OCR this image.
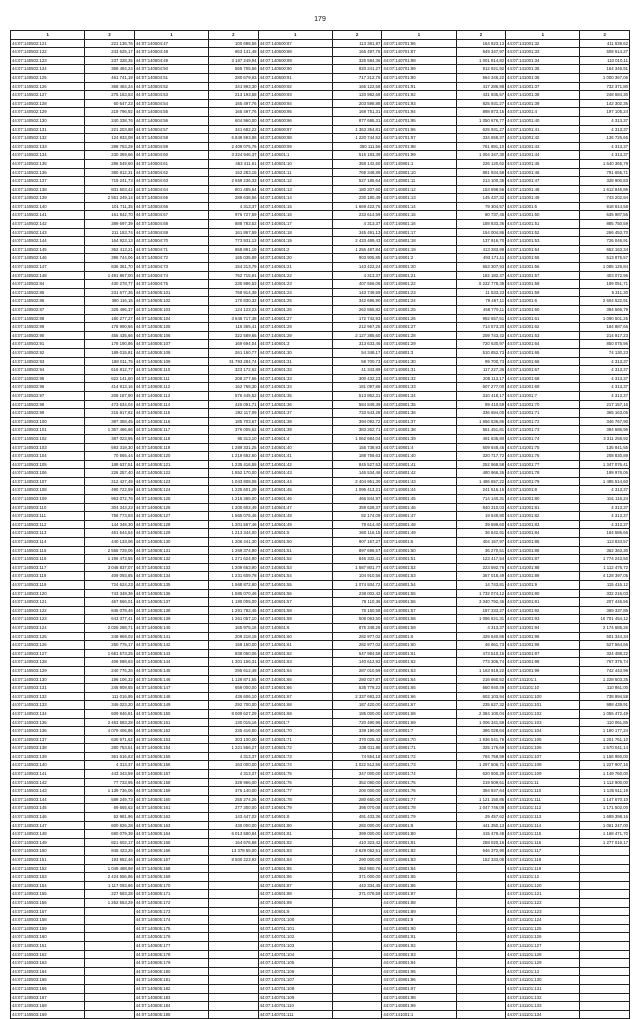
179
1	2	1	2	1	2	1	2	1	2
44:07:140502:121	221 136,76	44:07:140504:47	100 698,56	44:07:140600:87	113 381,87	44:07:140701:86	164 923,13	44:07:141001:32	411 639,62
44:07:140502:122	243 625,17	44:07:140504:48	863 141,48	44:07:140600:88	165 497,76	44:07:140701:87	849 347,97	44:07:141001:33	508 614,27
44:07:140502:123	237 328,35	44:07:140504:49	3 187 249,94	44:07:140600:89	325 584,36	44:07:140701:88	1 001 814,82	44:07:141001:34	110 010,11
44:07:140502:124	368 484,24	44:07:140504:50	565 705,66	44:07:140600:90	820 241,27	44:07:140701:89	912 921,92	44:07:141001:35	164 346,91
44:07:140502:125	461 741,19	44:07:140504:51	280 679,63	44:07:140600:91	717 212,76	44:07:140701:90	564 346,22	44:07:141001:36	1 000 367,06
44:07:140502:126	368 484,24	44:07:140504:52	341 993,30	44:07:140600:92	165 122,58	44:07:140701:91	417 286,98	44:07:141001:37	732 371,80
44:07:140502:127	275 163,53	44:07:140504:53	213 193,58	44:07:140600:93	120 982,68	44:07:140701:92	431 935,57	44:07:141001:38	248 684,30
44:07:140502:128	60 647,23	44:07:140504:54	165 497,76	44:07:140600:94	203 598,88	44:07:140701:93	825 931,27	44:07:141001:39	142 302,36
44:07:140502:129	219 796,92	44:07:140504:55	165 497,76	44:07:140600:95	169 751,31	44:07:140701:94	898 873,15	44:07:141001:4	197 105,24
44:07:140502:130	240 338,76	44:07:140504:56	604 960,00	44:07:140600:96	877 695,31	44:07:140701:95	1 050 676,77	44:07:141001:40	4 313,37
44:07:140502:131	221 203,88	44:07:140504:57	341 682,22	44:07:140600:97	1 363 354,81	44:07:140701:96	625 931,27	44:07:141001:41	4 313,37
44:07:140502:132	124 833,08	44:07:140504:58	6 849 593,86	44:07:140600:98	1 220 744,52	44:07:140701:97	334 659,37	44:07:141001:42	136 726,66
44:07:140502:133	288 763,29	44:07:140504:59	2 409 075,76	44:07:140600:99	350 111,56	44:07:140701:98	761 891,10	44:07:141001:43	4 313,37
44:07:140502:134	230 369,66	44:07:140504:60	3 324 946,37	44:07:140601:1	515 183,39	44:07:140701:99	1 004 347,30	44:07:141001:44	4 313,37
44:07:140502:135	286 549,60	44:07:140504:61	463 411,61	44:07:140601:10	358 142,50	44:07:140801:1	226 120,62	44:07:141001:45	1 640 365,79
44:07:140502:136	380 812,31	44:07:140504:62	152 283,15	44:07:140601:11	769 348,89	44:07:140801:10	881 934,58	44:07:141001:46	791 655,71
44:07:140502:137	719 241,73	44:07:140504:63	2 659 236,33	44:07:140601:12	527 185,64	44:07:140801:11	213 100,35	44:07:141001:47	328 900,83
44:07:140502:138	831 503,42	44:07:140504:64	801 485,64	44:07:140601:13	180 207,60	44:07:140801:12	153 598,56	44:07:141001:48	1 612 845,86
44:07:140502:139	2 551 249,14	44:07:140504:65	289 638,56	44:07:140601:14	230 180,49	44:07:140801:13	145 437,32	44:07:141001:49	743 202,94
44:07:140502:140	101 711,35	44:07:140504:66	4 313,37	44:07:140601:15	1 669 422,76	44:07:140801:14	79 304,57	44:07:141001:5	918 814,58
44:07:140502:141	161 842,70	44:07:140504:67	976 727,59	44:07:140601:16	233 614,59	44:07:140801:15	80 737,45	44:07:141001:50	635 987,56
44:07:140502:142	389 697,39	44:07:140504:68	888 783,52	44:07:140601:17	4 313,37	44:07:140801:16	188 833,36	44:07:141001:51	885 750,59
44:07:140502:143	211 153,74	44:07:140504:69	161 867,59	44:07:140601:18	345 491,13	44:07:140801:17	154 004,86	44:07:141001:52	266 453,70
44:07:140502:144	164 923,13	44:07:140504:70	773 931,12	44:07:140601:19	2 433 489,43	44:07:140801:18	137 916,70	44:07:141001:53	726 046,91
44:07:140502:145	362 413,21	44:07:140504:71	868 891,19	44:07:140601:2	1 256 487,84	44:07:140801:19	413 283,99	44:07:141001:54	652 163,34
44:07:140502:146	395 744,06	44:07:140504:72	165 035,89	44:07:140601:20	903 905,85	44:07:140801:2	493 171,11	44:07:141001:55	513 876,57
44:07:140502:147	836 361,70	44:07:140504:73	154 213,79	44:07:140601:21	143 422,24	44:07:140801:20	653 307,93	44:07:141001:56	1 085 126,84
44:07:140502:148	1 491 867,00	44:07:140504:74	762 715,91	44:07:140601:22	4 313,37	44:07:140801:21	182 182,47	44:07:141001:57	403 072,96
44:07:140502:84	430 278,77	44:07:140504:75	235 986,53	44:07:140601:23	407 666,06	44:07:140801:22	5 222 778,39	44:07:141001:58	189 051,71
44:07:140502:85	231 677,36	44:07:140505:101	768 914,39	44:07:140601:24	143 749,59	44:07:140801:23	11 533,23	44:07:141001:59	5 311,30
44:07:140502:86	380 116,15	44:07:140505:102	170 830,32	44:07:140601:25	342 695,90	44:07:140801:24	79 467,11	44:07:141001:6	2 604 522,91
44:07:140502:87	325 496,37	44:07:140505:103	124 123,23	44:07:140601:26	262 865,82	44:07:140801:25	458 779,11	44:07:141001:60	394 566,79
44:07:140502:88	180 277,27	44:07:140505:104	3 646 717,38	44:07:140601:27	172 742,93	44:07:140801:26	992 657,51	44:07:141001:61	1 090 501,25
44:07:140502:89	178 990,66	44:07:140505:105	116 365,41	44:07:140601:28	212 967,25	44:07:140801:27	714 573,20	44:07:141001:62	184 887,66
44:07:140502:90	455 435,66	44:07:140505:106	322 589,65	44:07:140601:29	2 127 385,60	44:07:140801:28	209 743,42	44:07:141001:63	214 917,23
44:07:140502:91	178 190,86	44:07:140505:107	169 694,04	44:07:140601:3	313 633,46	44:07:140801:29	720 630,97	44:07:141001:64	850 075,96
44:07:140502:92	189 015,81	44:07:140505:108	261 160,77	44:07:140601:30	54 348,17	44:07:140801:3	510 852,73	44:07:141001:65	74 130,23
44:07:140502:93	188 011,75	44:07:140505:109	31 793 284,74	44:07:140601:31	59 700,73	44:07:140801:30	99 700,73	44:07:141001:66	4 313,37
44:07:140502:94	616 812,77	44:07:140505:110	323 172,62	44:07:140601:32	41 343,89	44:07:140801:31	117 227,36	44:07:141001:67	4 313,37
44:07:140502:95	622 141,60	44:07:140505:111	208 277,66	44:07:140601:33	300 432,23	44:07:140801:32	205 113,17	44:07:141001:68	4 313,37
44:07:140502:96	414 913,16	44:07:140505:112	162 768,30	44:07:140601:34	181 097,86	44:07:140801:33	607 277,00	44:07:141001:69	4 313,37
44:07:140502:97	208 187,90	44:07:140505:113	576 445,52	44:07:140601:35	513 862,31	44:07:140801:34	310 418,17	44:07:141001:7	4 313,37
44:07:140502:98	473 634,04	44:07:140505:114	425 091,71	44:07:140601:36	584 849,39	44:07:140801:35	99 410,59	44:07:141001:70	217 157,16
44:07:140502:99	215 817,62	44:07:140505:115	292 117,09	44:07:140601:37	733 543,28	44:07:140801:36	336 694,00	44:07:141001:71	365 163,06
44:07:140503:100	397 368,45	44:07:140505:116	185 703,67	44:07:140601:38	394 092,72	44:07:140801:37	1 656 536,85	44:07:141001:72	346 767,90
44:07:140503:101	1 357 486,66	44:07:140505:117	376 005,62	44:07:140601:39	383 262,71	44:07:140801:38	561 451,81	44:07:141001:73	394 686,96
44:07:140503:102	387 023,95	44:07:140505:118	95 313,10	44:07:140601:4	1 062 684,04	44:07:140801:39	491 635,80	44:07:141001:74	3 311 258,92
44:07:140503:103	593 319,30	44:07:140505:119	1 289 331,25	44:07:140601:40	155 738,93	44:07:140801:4	609 648,45	44:07:141001:75	135 841,55
44:07:140503:104	70 565,44	44:07:140505:120	1 219 682,60	44:07:140601:41	188 759,63	44:07:140801:40	320 717,72	44:07:141001:76	208 830,89
44:07:140503:105	188 637,51	44:07:140505:121	1 235 416,55	44:07:140601:42	845 527,53	44:07:140801:41	252 968,58	44:07:141001:77	1 347 076,41
44:07:140503:106	226 257,40	44:07:140505:122	1 552 170,00	44:07:140601:43	146 534,46	44:07:140801:42	480 966,26	44:07:141001:78	199 976,06
44:07:140503:107	212 427,49	44:07:140505:123	1 043 808,06	44:07:140601:44	2 404 951,30	44:07:140801:43	1 486 657,22	44:07:141001:79	1 486 514,60
44:07:140503:108	490 722,59	44:07:140505:124	1 225 601,29	44:07:140601:45	1 095 413,21	44:07:140801:44	241 616,16	44:07:141001:8	4 313,37
44:07:140503:109	963 072,76	44:07:140505:125	1 215 365,00	44:07:140601:46	466 844,97	44:07:140801:45	714 140,31	44:07:141001:80	151 116,24
44:07:140503:110	304 343,23	44:07:140505:126	1 200 602,49	44:07:140601:47	359 628,37	44:07:140801:46	840 310,03	44:07:141001:81	4 313,37
44:07:140503:111	758 773,93	44:07:140505:127	1 565 075,46	44:07:140601:48	82 174,09	44:07:140801:47	19 649,80	44:07:141001:82	4 313,37
44:07:140503:112	144 348,30	44:07:140505:128	1 201 567,46	44:07:140601:49	79 614,40	44:07:140801:48	39 599,60	44:07:141001:83	4 313,37
44:07:140503:113	461 544,54	44:07:140505:129	1 213 344,00	44:07:140601:5	360 116,15	44:07:140801:49	36 642,91	44:07:141001:84	184 586,66
44:07:140503:114	440 133,06	44:07:140505:130	1 206 441,30	44:07:140601:50	907 167,27	44:07:140801:5	404 157,97	44:07:141001:85	113 834,57
44:07:140503:115	2 555 729,06	44:07:140505:131	1 269 374,90	44:07:140601:51	897 696,57	44:07:140801:50	36 270,51	44:07:141001:86	362 363,30
44:07:140503:116	1 196 473,55	44:07:140505:132	1 271 624,90	44:07:140601:52	846 332,41	44:07:140801:51	123 417,54	44:07:141001:87	1 774 243,50
44:07:140503:117	3 048 837,07	44:07:140505:133	1 209 663,90	44:07:140601:53	1 587 801,77	44:07:140801:52	223 592,76	44:07:141001:88	1 112 476,72
44:07:140503:118	409 093,85	44:07:140505:134	1 231 609,78	44:07:140601:54	104 910,56	44:07:140801:53	367 018,49	44:07:141001:89	4 128 397,05
44:07:140503:119	724 624,23	44:07:140505:135	1 568 872,80	44:07:140601:55	1 074 934,72	44:07:140801:54	14 743,81	44:07:141001:9	115 416,12
44:07:140503:120	743 348,36	44:07:140505:136	1 585 070,46	44:07:140601:56	238 002,42	44:07:140801:55	1 732 074,12	44:07:141001:90	332 216,03
44:07:140503:121	467 566,01	44:07:140505:137	1 190 005,00	44:07:140601:57	78 110,36	44:07:140801:56	3 340 792,46	44:07:141001:91	207 446,56
44:07:140503:122	845 078,46	44:07:140505:138	1 291 782,46	44:07:140601:58	78 150,58	44:07:140801:57	187 333,27	44:07:141001:92	369 337,85
44:07:140503:123	643 377,41	44:07:140505:139	1 261 057,10	44:07:140601:59	508 063,50	44:07:140801:58	1 086 621,31	44:07:141001:93	10 701 454,12
44:07:140503:124	2 025 288,71	44:07:140505:140	165 975,16	44:07:140601:6	875 348,26	44:07:140801:59	4 313,37	44:07:141001:94	2 174 685,26
44:07:140503:125	248 969,03	44:07:140505:141	209 218,15	44:07:140601:60	282 977,02	44:07:140801:6	425 640,86	44:07:141001:95	601 344,34
44:07:140503:126	250 775,17	44:07:140505:142	158 150,00	44:07:140601:61	282 977,02	44:07:140801:60	46 661,73	44:07:141001:96	527 564,66
44:07:140503:127	1 681 573,25	44:07:140505:143	838 050,06	44:07:140601:62	547 984,58	44:07:140801:61	473 510,16	44:07:141001:97	324 488,22
44:07:140503:128	406 598,63	44:07:140505:144	1 301 166,31	44:07:140601:63	140 612,92	44:07:140801:62	773 305,74	44:07:141001:98	767 375,74
44:07:140503:129	240 776,26	44:07:140505:145	295 612,48	44:07:140601:64	287 010,59	44:07:140801:63	1 163 919,22	44:07:141001:99	742 443,98
44:07:140503:130	186 106,32	44:07:140505:146	1 129 871,55	44:07:140601:65	280 027,87	44:07:140801:64	216 660,52	44:07:141101:1	1 228 503,25
44:07:140503:131	246 909,85	44:07:140505:147	659 000,00	44:07:140601:66	535 779,22	44:07:140801:65	650 940,49	44:07:141101:10	110 861,00
44:07:140503:132	111 016,95	44:07:140505:148	436 606,10	44:07:140601:67	2 337 693,23	44:07:140801:66	602 103,94	44:07:141101:100	738 994,58
44:07:140503:133	346 023,20	44:07:140505:149	292 700,00	44:07:140601:68	187 420,00	44:07:140801:67	235 627,32	44:07:141101:101	988 439,91
44:07:140503:134	609 946,81	44:07:140505:150	8 009 627,29	44:07:140601:69	185 000,00	44:07:140801:68	2 384 100,04	44:07:141101:102	1 055 472,49
44:07:140503:135	2 463 583,28	44:07:140505:151	130 015,16	44:07:140601:7	720 480,96	44:07:140801:69	1 006 341,59	44:07:141101:103	110 061,85
44:07:140503:136	4 079 406,86	44:07:140505:152	235 416,50	44:07:140601:70	339 190,00	44:07:140801:7	386 028,64	44:07:141101:104	1 180 177,24
44:07:140503:137	630 671,62	44:07:140505:153	303 100,00	44:07:140601:71	370 025,42	44:07:140801:70	1 936 541,76	44:07:141101:105	1 201 761,10
44:07:140503:138	280 753,51	44:07:140505:154	1 221 566,27	44:07:140601:72	338 011,88	44:07:140801:71	325 176,69	44:07:141101:106	1 570 041,14
44:07:140503:139	361 616,63	44:07:140505:155	4 313,37	44:07:140601:73	74 554,18	44:07:140801:72	784 758,99	44:07:141101:107	1 156 950,00
44:07:140503:140	4 313,37	44:07:140505:156	163 000,00	44:07:140601:74	1 022 512,56	44:07:140801:73	1 297 506,71	44:07:141101:108	1 227 907,16
44:07:140503:141	443 343,59	44:07:140505:157	4 313,37	44:07:140601:75	347 000,00	44:07:140801:74	620 500,29	44:07:141101:109	1 149 760,00
44:07:140503:142	77 733,95	44:07:140505:158	328 966,00	44:07:140601:76	352 080,00	44:07:140801:75	219 509,61	44:07:141101:11	1 112 900,00
44:07:140503:143	1 139 736,06	44:07:140505:159	376 140,00	44:07:140601:77	200 000,00	44:07:140801:76	394 847,64	44:07:141101:110	1 135 511,19
44:07:140503:144	589 249,73	44:07:140505:160	255 274,25	44:07:140601:78	280 650,00	44:07:140801:77	1 121 150,85	44:07:141101:111	1 147 670,10
44:07:140503:145	69 665,62	44:07:140505:161	277 300,00	44:07:140601:79	395 070,08	44:07:140801:78	1 047 746,08	44:07:141101:112	1 171 502,00
44:07:140503:146	52 981,96	44:07:140505:162	143 447,02	44:07:140601:8	491 433,36	44:07:140801:79	29 457,62	44:07:141101:113	1 689 398,16
44:07:140503:147	600 826,28	44:07:140505:163	430 000,00	44:07:140601:80	282 000,00	44:07:140801:8	441 350,13	44:07:141101:114	1 061 247,00
44:07:140503:148	680 079,39	44:07:140505:164	6 013 580,94	44:07:140601:81	399 000,00	44:07:140801:80	415 479,48	44:07:141101:115	1 168 471,70
44:07:140503:149	821 602,17	44:07:140505:165	164 676,58	44:07:140601:82	410 323,42	44:07:140801:81	258 020,16	44:07:141101:116	1 277 016,17
44:07:140503:150	845 423,26	44:07:140505:166	13 378 55,00	44:07:140601:83	2 629 052,51	44:07:140801:82	646 372,90	44:07:141101:117	
44:07:140503:151	193 852,46	44:07:140505:167	8 500 223,92	44:07:140601:84	290 000,00	44:07:140801:83	152 333,06	44:07:141101:118	
44:07:140503:152	1 049 488,98	44:07:140505:168		44:07:140601:85	362 850,76	44:07:140801:84		44:07:141101:119	
44:07:140503:153	2 424 556,86	44:07:140505:169		44:07:140601:86	371 000,00	44:07:140801:85		44:07:141101:12	
44:07:140503:154	1 117 093,86	44:07:140505:170		44:07:140601:87	442 334,45	44:07:140801:86		44:07:141101:120	
44:07:140503:155	227 583,28	44:07:140505:171		44:07:140601:88	371 078,59	44:07:140801:87		44:07:141101:121	
44:07:140503:156	1 262 553,29	44:07:140505:172		44:07:140601:89		44:07:140801:88		44:07:141101:122	
44:07:140503:157		44:07:140505:173		44:07:140601:9		44:07:140801:89		44:07:141101:123	
44:07:140503:158		44:07:140505:174		44:07:140701:100		44:07:140801:9		44:07:141101:124	
44:07:140503:159		44:07:140505:175		44:07:140701:101		44:07:140801:90		44:07:141101:125	
44:07:140503:160		44:07:140505:176		44:07:140701:102		44:07:140801:91		44:07:141101:126	
44:07:140503:161		44:07:140505:177		44:07:140701:103		44:07:140801:92		44:07:141101:127	
44:07:140503:162		44:07:140505:178		44:07:140701:104		44:07:140801:93		44:07:141101:128	
44:07:140503:163		44:07:140505:179		44:07:140701:105		44:07:140801:94		44:07:141101:129	
44:07:140503:164		44:07:140505:180		44:07:140701:106		44:07:140801:95		44:07:141101:13	
44:07:140503:165		44:07:140505:181		44:07:140701:107		44:07:140801:96		44:07:141101:130	
44:07:140503:166		44:07:140505:182		44:07:140701:108		44:07:140801:97		44:07:141101:131	
44:07:140503:167		44:07:140505:183		44:07:140701:109		44:07:140801:98		44:07:141101:132	
44:07:140503:168		44:07:140505:184		44:07:140701:110		44:07:140801:99		44:07:141101:133	
44:07:140503:169		44:07:140505:185		44:07:140701:111		44:07:141001:1		44:07:141101:134	
